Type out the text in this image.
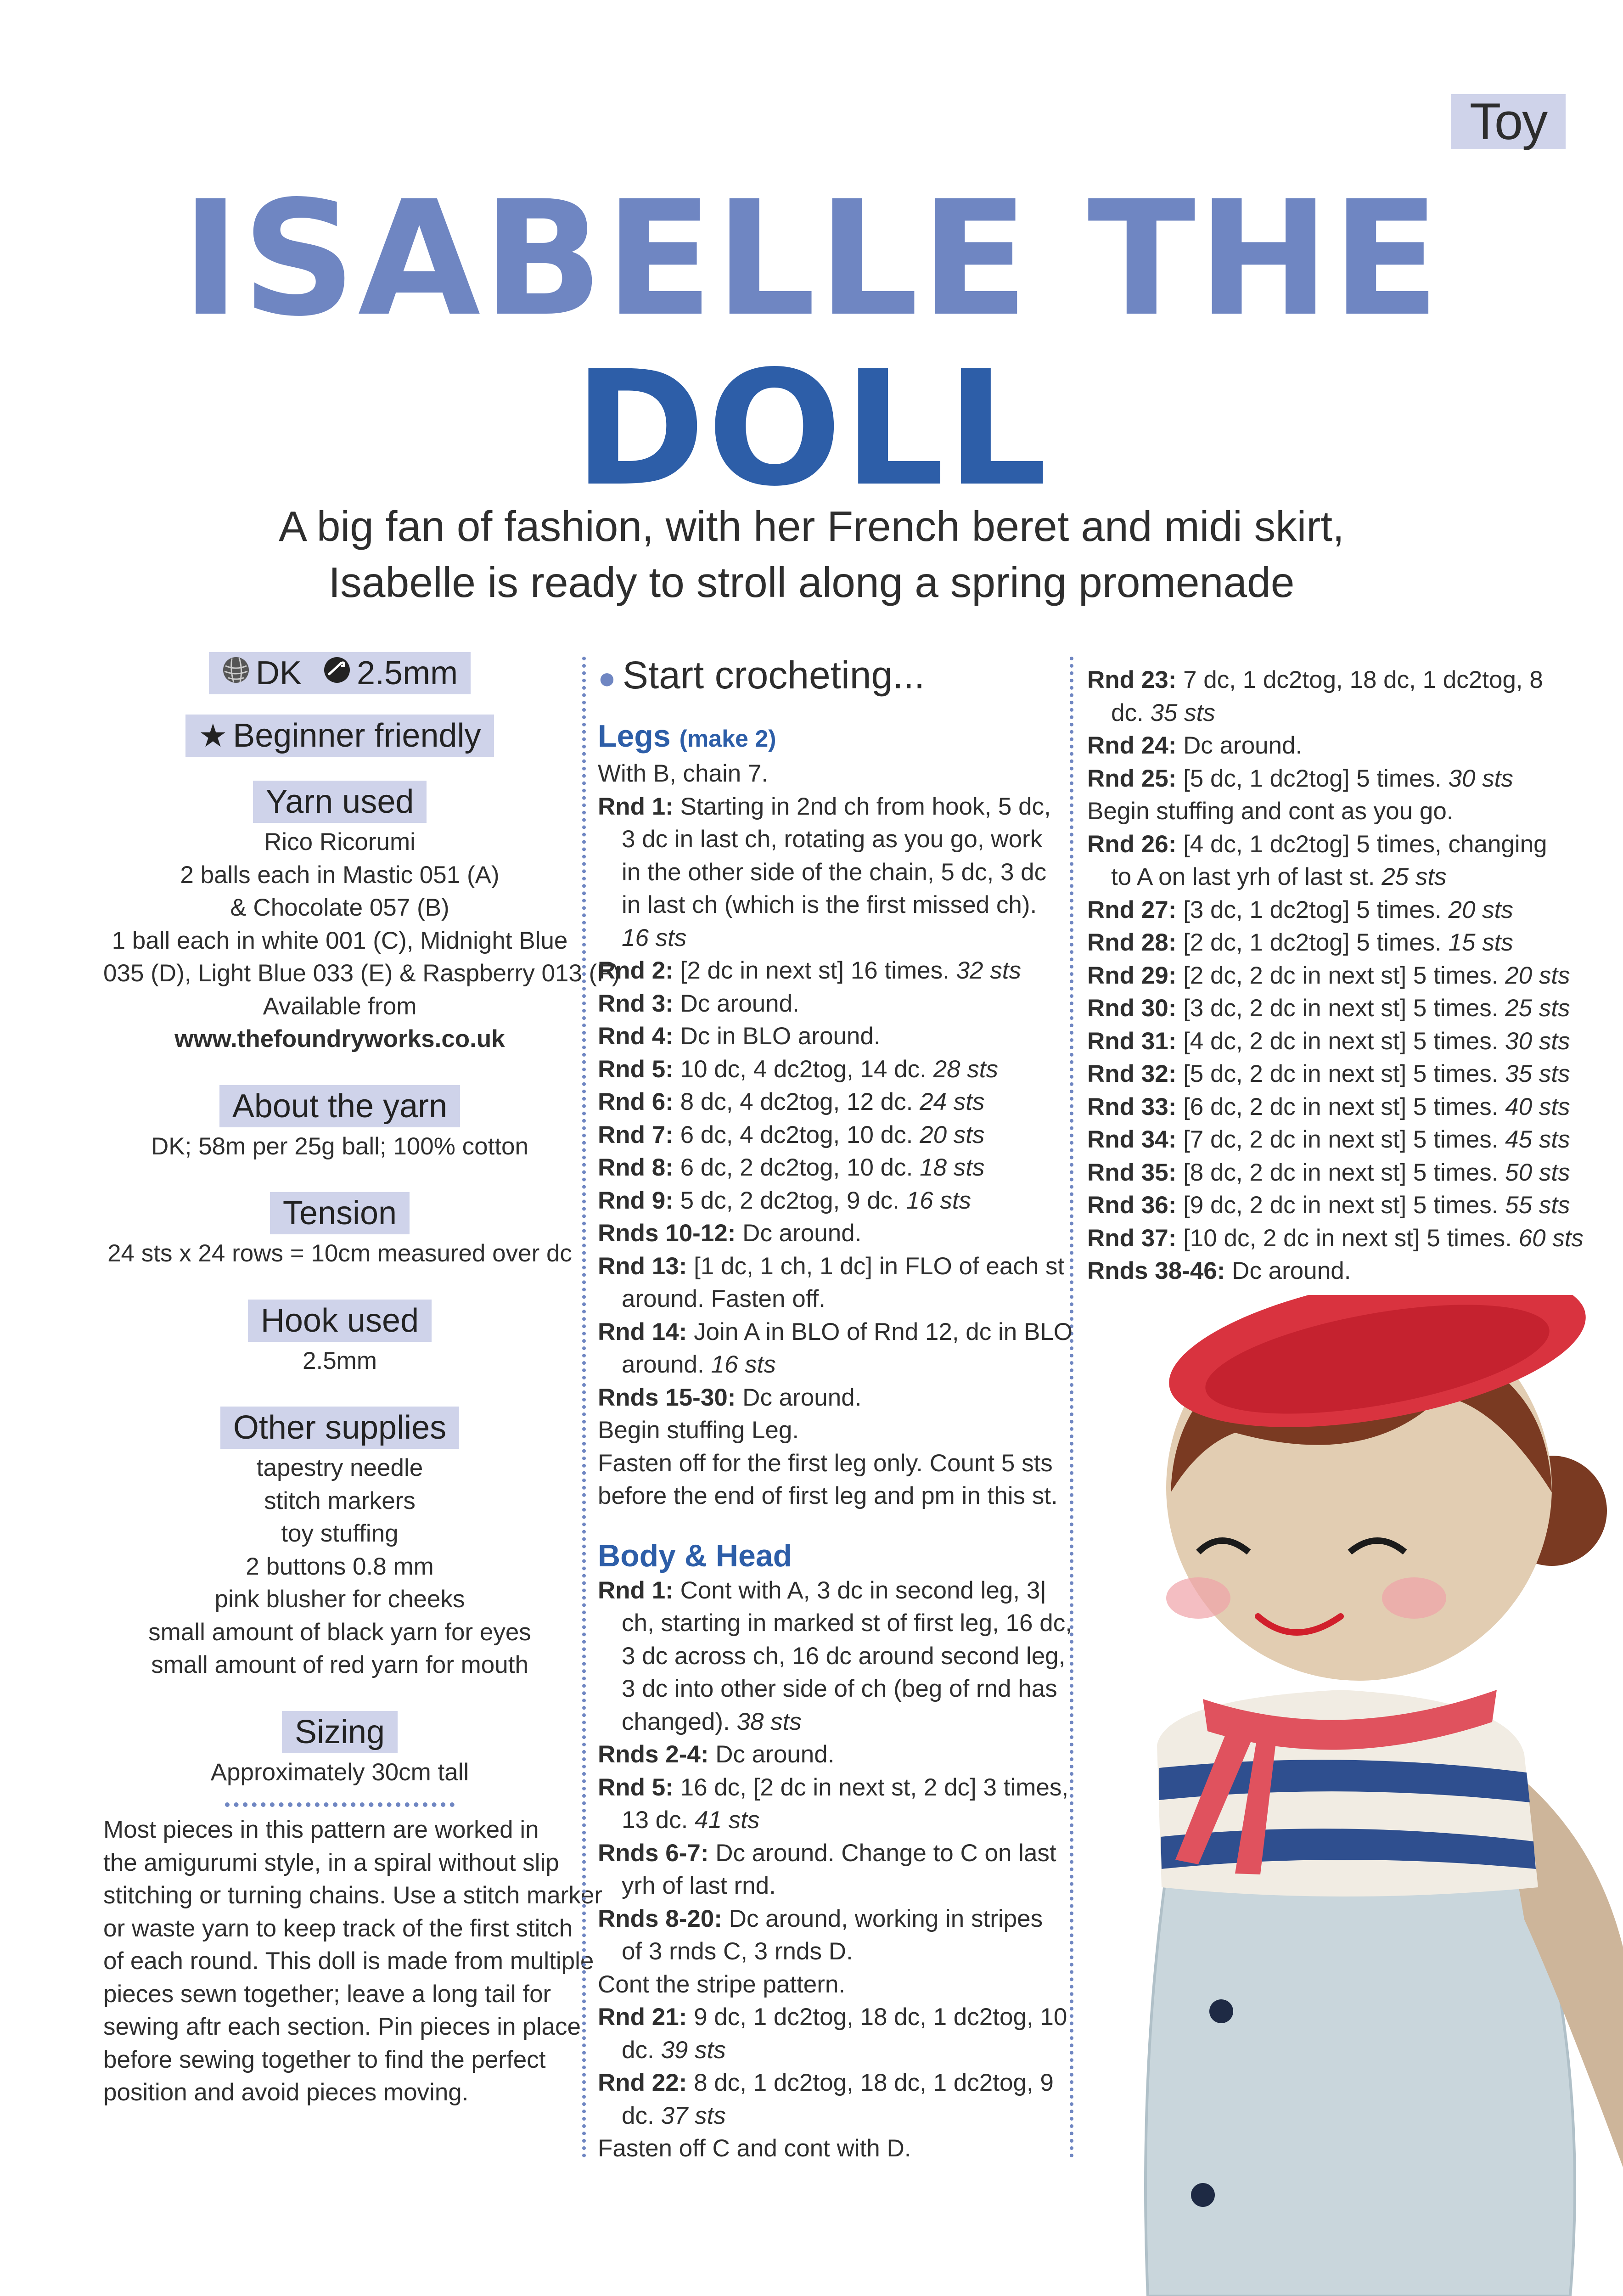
Toy
ISABELLE THE
DOLL
A big fan of fashion, with her French beret and midi skirt,
Isabelle is ready to stroll along a spring promenade
DK 2.5mm
★ Beginner friendly
Yarn used
Rico Ricorumi
2 balls each in Mastic 051 (A)
& Chocolate 057 (B)
1 ball each in white 001 (C), Midnight Blue
035 (D), Light Blue 033 (E) & Raspberry 013 (F)
Available from
www.thefoundryworks.co.uk
About the yarn
DK; 58m per 25g ball; 100% cotton
Tension
24 sts x 24 rows = 10cm measured over dc
Hook used
2.5mm
Other supplies
tapestry needle
stitch markers
toy stuffing
2 buttons 0.8 mm
pink blusher for cheeks
small amount of black yarn for eyes
small amount of red yarn for mouth
Sizing
Approximately 30cm tall
Most pieces in this pattern are worked in
the amigurumi style, in a spiral without slip
stitching or turning chains. Use a stitch marker
or waste yarn to keep track of the first stitch
of each round. This doll is made from multiple
pieces sewn together; leave a long tail for
sewing aftr each section. Pin pieces in place
before sewing together to find the perfect
position and avoid pieces moving.
● Start crocheting...
Legs (make 2)
With B, chain 7.
Rnd 1: Starting in 2nd ch from hook, 5 dc,
3 dc in last ch, rotating as you go, work
in the other side of the chain, 5 dc, 3 dc
in last ch (which is the first missed ch).
16 sts
Rnd 2: [2 dc in next st] 16 times. 32 sts
Rnd 3: Dc around.
Rnd 4: Dc in BLO around.
Rnd 5: 10 dc, 4 dc2tog, 14 dc. 28 sts
Rnd 6: 8 dc, 4 dc2tog, 12 dc. 24 sts
Rnd 7: 6 dc, 4 dc2tog, 10 dc. 20 sts
Rnd 8: 6 dc, 2 dc2tog, 10 dc. 18 sts
Rnd 9: 5 dc, 2 dc2tog, 9 dc. 16 sts
Rnds 10-12: Dc around.
Rnd 13: [1 dc, 1 ch, 1 dc] in FLO of each st
around. Fasten off.
Rnd 14: Join A in BLO of Rnd 12, dc in BLO
around. 16 sts
Rnds 15-30: Dc around.
Begin stuffing Leg.
Fasten off for the first leg only. Count 5 sts
before the end of first leg and pm in this st.
Body & Head
Rnd 1: Cont with A, 3 dc in second leg, 3|
ch, starting in marked st of first leg, 16 dc,
3 dc across ch, 16 dc around second leg,
3 dc into other side of ch (beg of rnd has
changed). 38 sts
Rnds 2-4: Dc around.
Rnd 5: 16 dc, [2 dc in next st, 2 dc] 3 times,
13 dc. 41 sts
Rnds 6-7: Dc around. Change to C on last
yrh of last rnd.
Rnds 8-20: Dc around, working in stripes
of 3 rnds C, 3 rnds D.
Cont the stripe pattern.
Rnd 21: 9 dc, 1 dc2tog, 18 dc, 1 dc2tog, 10
dc. 39 sts
Rnd 22: 8 dc, 1 dc2tog, 18 dc, 1 dc2tog, 9
dc. 37 sts
Fasten off C and cont with D.
Rnd 23: 7 dc, 1 dc2tog, 18 dc, 1 dc2tog, 8
dc. 35 sts
Rnd 24: Dc around.
Rnd 25: [5 dc, 1 dc2tog] 5 times. 30 sts
Begin stuffing and cont as you go.
Rnd 26: [4 dc, 1 dc2tog] 5 times, changing
to A on last yrh of last st. 25 sts
Rnd 27: [3 dc, 1 dc2tog] 5 times. 20 sts
Rnd 28: [2 dc, 1 dc2tog] 5 times. 15 sts
Rnd 29: [2 dc, 2 dc in next st] 5 times. 20 sts
Rnd 30: [3 dc, 2 dc in next st] 5 times. 25 sts
Rnd 31: [4 dc, 2 dc in next st] 5 times. 30 sts
Rnd 32: [5 dc, 2 dc in next st] 5 times. 35 sts
Rnd 33: [6 dc, 2 dc in next st] 5 times. 40 sts
Rnd 34: [7 dc, 2 dc in next st] 5 times. 45 sts
Rnd 35: [8 dc, 2 dc in next st] 5 times. 50 sts
Rnd 36: [9 dc, 2 dc in next st] 5 times. 55 sts
Rnd 37: [10 dc, 2 dc in next st] 5 times. 60 sts
Rnds 38-46: Dc around.
